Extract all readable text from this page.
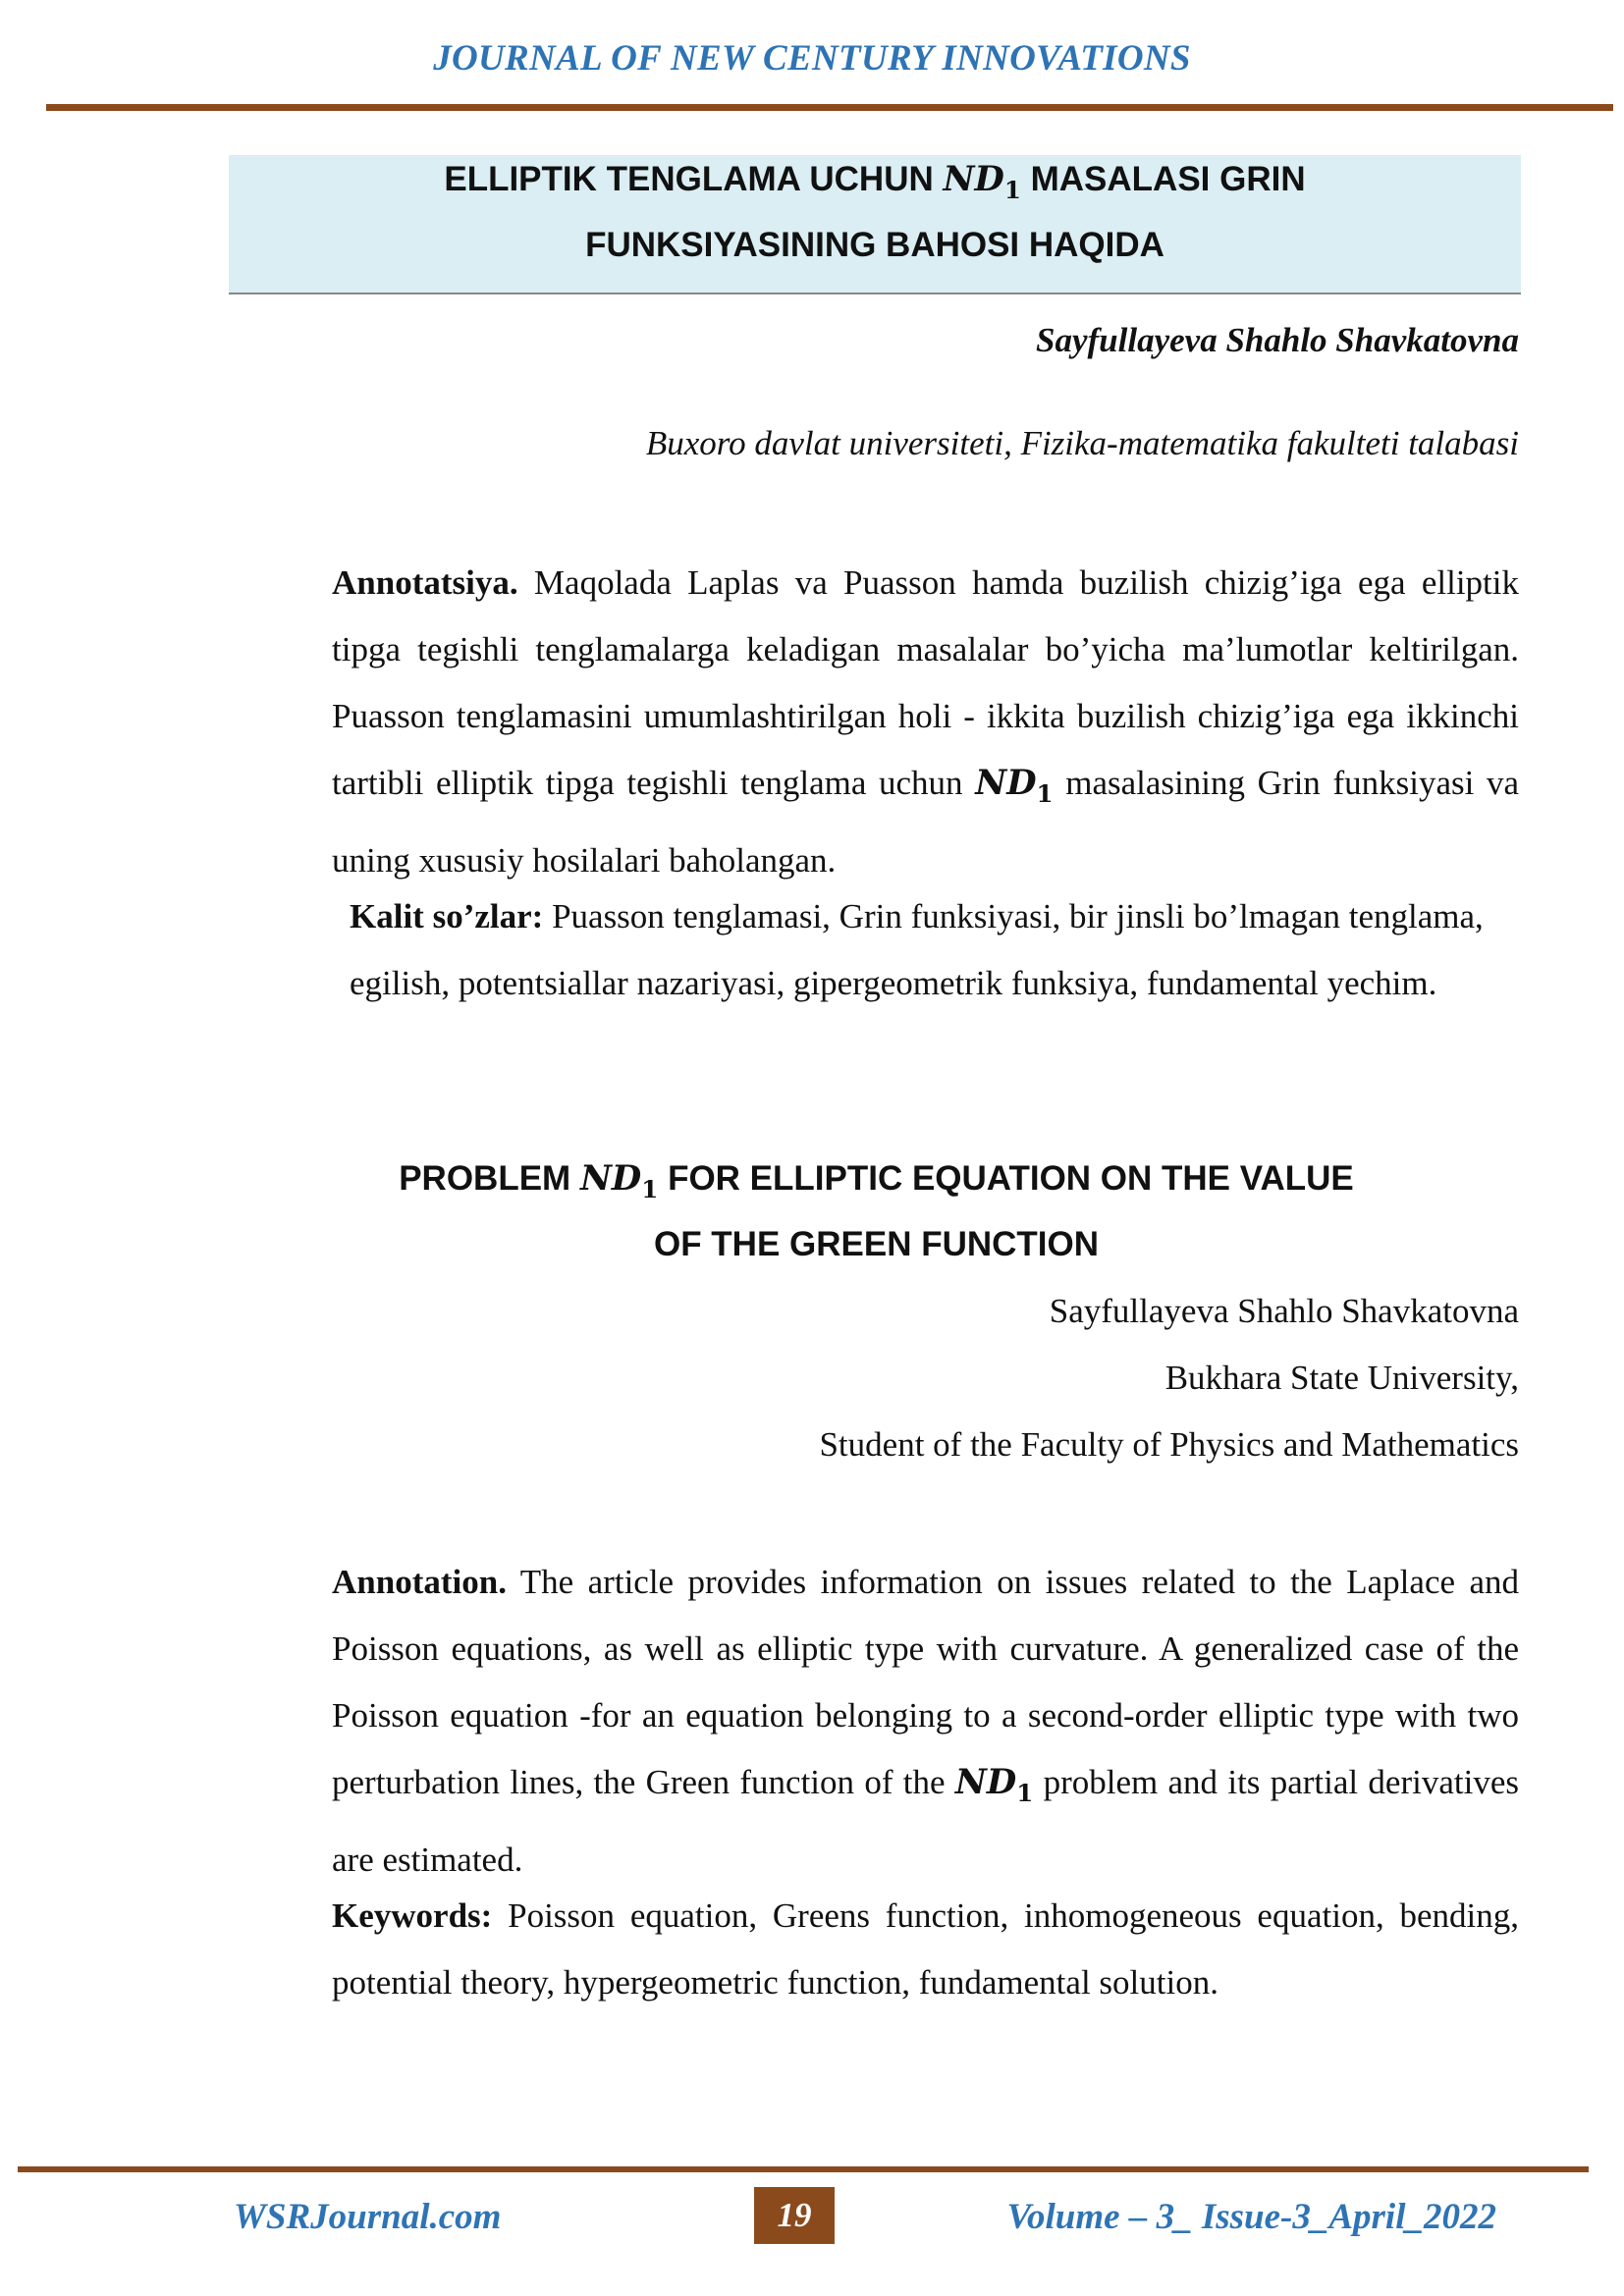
JOURNAL OF NEW CENTURY INNOVATIONS
ELLIPTIK TENGLAMA UCHUN $ND_1$ MASALASI GRIN
FUNKSIYASINING BAHOSI HAQIDA
Sayfullayeva Shahlo Shavkatovna
Buxoro davlat universiteti, Fizika-matematika fakulteti talabasi
Annotatsiya. Maqolada Laplas va Puasson hamda buzilish chizig’iga ega elliptik tipga tegishli tenglamalarga keladigan masalalar bo’yicha ma’lumotlar keltirilgan. Puasson tenglamasini umumlashtirilgan holi - ikkita buzilish chizig’iga ega ikkinchi tartibli elliptik tipga tegishli tenglama uchun $ND_1$ masalasining Grin funksiyasi va uning xususiy hosilalari baholangan.
Kalit so’zlar: Puasson tenglamasi, Grin funksiyasi, bir jinsli bo’lmagan tenglama, egilish, potentsiallar nazariyasi, gipergeometrik funksiya, fundamental yechim.
PROBLEM $ND_1$ FOR ELLIPTIC EQUATION ON THE VALUE
OF THE GREEN FUNCTION
Sayfullayeva Shahlo Shavkatovna
Bukhara State University,
Student of the Faculty of Physics and Mathematics
Annotation. The article provides information on issues related to the Laplace and Poisson equations, as well as elliptic type with curvature. A generalized case of the Poisson equation -for an equation belonging to a second-order elliptic type with two perturbation lines, the Green function of the $ND_1$ problem and its partial derivatives are estimated.
Keywords: Poisson equation, Greens function, inhomogeneous equation, bending, potential theory, hypergeometric function, fundamental solution.
WSRJournal.com	19	Volume – 3_ Issue-3_April_2022
